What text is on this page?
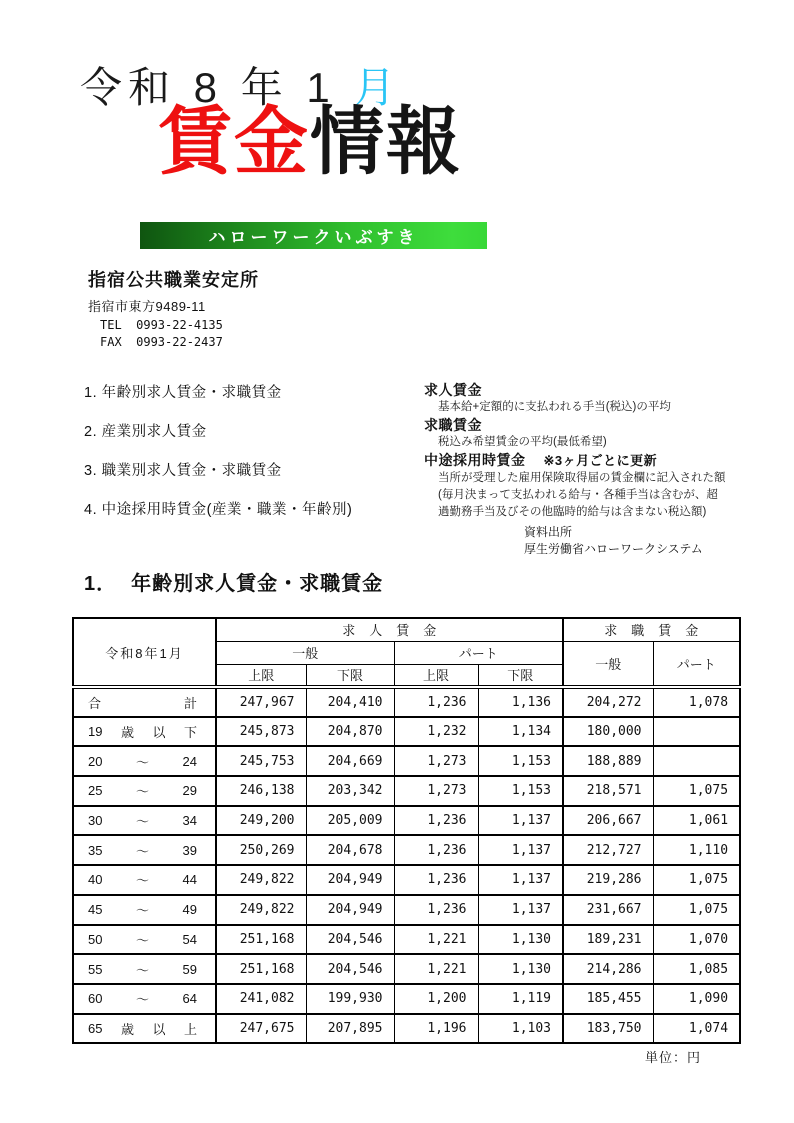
令和 8 年 1 月
賃金情報
ハローワークいぶすき
指宿公共職業安定所
指宿市東方9489-11
TEL  0993-22-4135
FAX  0993-22-2437
1. 年齢別求人賃金・求職賃金
2. 産業別求人賃金
3. 職業別求人賃金・求職賃金
4. 中途採用時賃金(産業・職業・年齢別)
求人賃金
基本給+定額的に支払われる手当(税込)の平均
求職賃金
税込み希望賃金の平均(最低希望)
中途採用時賃金 ※3ヶ月ごとに更新
当所が受理した雇用保険取得届の賃金欄に記入された額
(毎月決まって支払われる給与・各種手当は含むが、超
過勤務手当及びその他臨時的給与は含まない税込額)
資料出所
厚生労働省ハローワークシステム
1． 年齢別求人賃金・求職賃金
令和8年1月	求　人　賃　金				求　職　賃　金	
	一般		パート		一般	パート
	上限	下限	上限	下限		

合 計	247,967	204,410	1,236	1,136	204,272	1,078

19 歳 以 下	245,873	204,870	1,232	1,134	180,000	

20 ～ 24	245,753	204,669	1,273	1,153	188,889	

25 ～ 29	246,138	203,342	1,273	1,153	218,571	1,075

30 ～ 34	249,200	205,009	1,236	1,137	206,667	1,061

35 ～ 39	250,269	204,678	1,236	1,137	212,727	1,110

40 ～ 44	249,822	204,949	1,236	1,137	219,286	1,075

45 ～ 49	249,822	204,949	1,236	1,137	231,667	1,075

50 ～ 54	251,168	204,546	1,221	1,130	189,231	1,070

55 ～ 59	251,168	204,546	1,221	1,130	214,286	1,085

60 ～ 64	241,082	199,930	1,200	1,119	185,455	1,090

65 歳 以 上	247,675	207,895	1,196	1,103	183,750	1,074
単位：円
